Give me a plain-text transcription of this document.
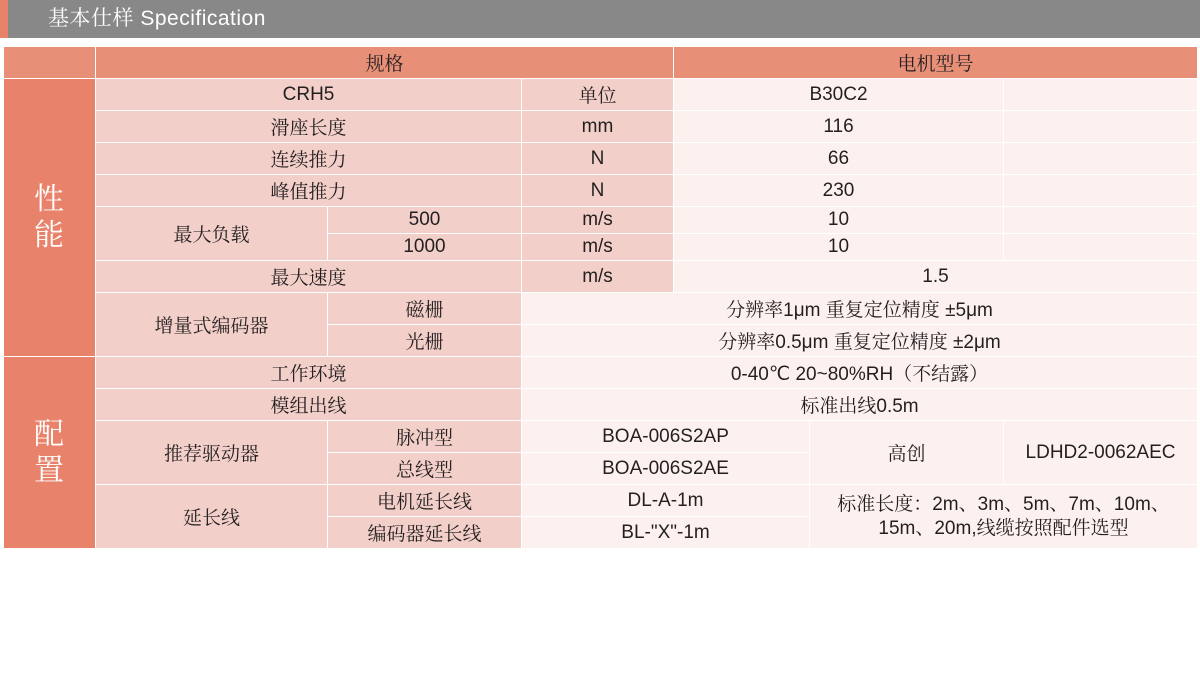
基本仕样 Specification
	规格			电机型号		

性
能	CRH5		单位	B30C2		
	滑座长度		mm	116		
	连续推力		N	66		
	峰值推力		N	230		
	最大负载	500	m/s	10		
		1000	m/s	10		
	最大速度		m/s	1.5		
	增量式编码器	磁栅	分辨率1μm 重复定位精度 ±5μm			
		光栅	分辨率0.5μm 重复定位精度 ±2μm			

配
置	工作环境		0-40℃ 20~80%RH（不结露）			
	模组出线		标准出线0.5m			
	推荐驱动器	脉冲型	BOA-006S2AP		高创	LDHD2-0062AEC
		总线型	BOA-006S2AE			
	延长线	电机延长线	DL-A-1m		标准长度：2m、3m、5m、7m、10m、15m、20m,线缆按照配件选型	
		编码器延长线	BL-"X"-1m			
